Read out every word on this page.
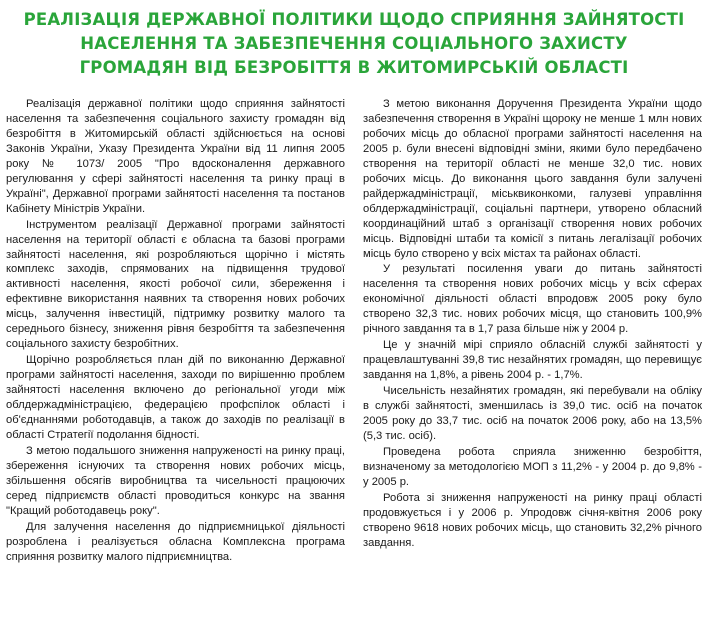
РЕАЛІЗАЦІЯ ДЕРЖАВНОЇ ПОЛІТИКИ ЩОДО СПРИЯННЯ ЗАЙНЯТОСТІ
НАСЕЛЕННЯ ТА ЗАБЕЗПЕЧЕННЯ СОЦІАЛЬНОГО ЗАХИСТУ
ГРОМАДЯН ВІД БЕЗРОБІТТЯ В ЖИТОМИРСЬКІЙ ОБЛАСТІ

Реалізація державної політики щодо сприяння зайнятості населення та забезпечення соціального захисту громадян від безробіття в Житомирській області здійснюється на основі Законів України, Указу Президента України від 11 липня 2005 року № 1073/ 2005 "Про вдосконалення державного регулювання у сфері зайнятості населення та ринку праці в Україні", Державної програми зайнятості населення та постанов Кабінету Міністрів України.

Інструментом реалізації Державної програми зайнятості населення на території області є обласна та базові програми зайнятості населення, які розробляються щорічно і містять комплекс заходів, спрямованих на підвищення трудової активності населення, якості робочої сили, збереження і ефективне використання наявних та створення нових робочих місць, залучення інвестицій, підтримку розвитку малого та середнього бізнесу, зниження рівня безробіття та забезпечення соціального захисту безробітних.

Щорічно розробляється план дій по виконанню Державної програми зайнятості населення, заходи по вирішенню проблем зайнятості населення включено до регіональної угоди між облдержадміністрацією, федерацією профспілок області і об'єднаннями роботодавців, а також до заходів по реалізації в області Стратегії подолання бідності.

З метою подальшого зниження напруженості на ринку праці, збереження існуючих та створення нових робочих місць, збільшення обсягів виробництва та чисельності працюючих серед підприємств області проводиться конкурс на звання "Кращий роботодавець року".

Для залучення населення до підприємницької діяльності розроблена і реалізується обласна Комплексна програма сприяння розвитку малого підприємництва.

З метою виконання Доручення Президента України щодо забезпечення створення в Україні щороку не менше 1 млн нових робочих місць до обласної програми зайнятості населення на 2005 р. були внесені відповідні зміни, якими було передбачено створення на території області не менше 32,0 тис. нових робочих місць. До виконання цього завдання були залучені райдержадміністрації, міськвиконкоми, галузеві управління облдержадміністрації, соціальні партнери, утворено обласний координаційний штаб з організації створення нових робочих місць. Відповідні штаби та комісії з питань легалізації робочих місць було створено у всіх містах та районах області.

У результаті посилення уваги до питань зайнятості населення та створення нових робочих місць у всіх сферах економічної діяльності області впродовж 2005 року було створено 32,3 тис. нових робочих місця, що становить 100,9% річного завдання та в 1,7 раза більше ніж у 2004 р.

Це у значній мірі сприяло обласній службі зайнятості у працевлаштуванні 39,8 тис незайнятих громадян, що перевищує завдання на 1,8%, а рівень 2004 р. - 1,7%.

Чисельність незайнятих громадян, які перебували на обліку в службі зайнятості, зменшилась із 39,0 тис. осіб на початок 2005 року до 33,7 тис. осіб на початок 2006 року, або на 13,5% (5,3 тис. осіб).

Проведена робота сприяла зниженню безробіття, визначеному за методологією МОП з 11,2% - у 2004 р. до 9,8% - у 2005 р.

Робота зі зниження напруженості на ринку праці області продовжується і у 2006 р. Упродовж січня-квітня 2006 року створено 9618 нових робочих місць, що становить 32,2% річного завдання.
